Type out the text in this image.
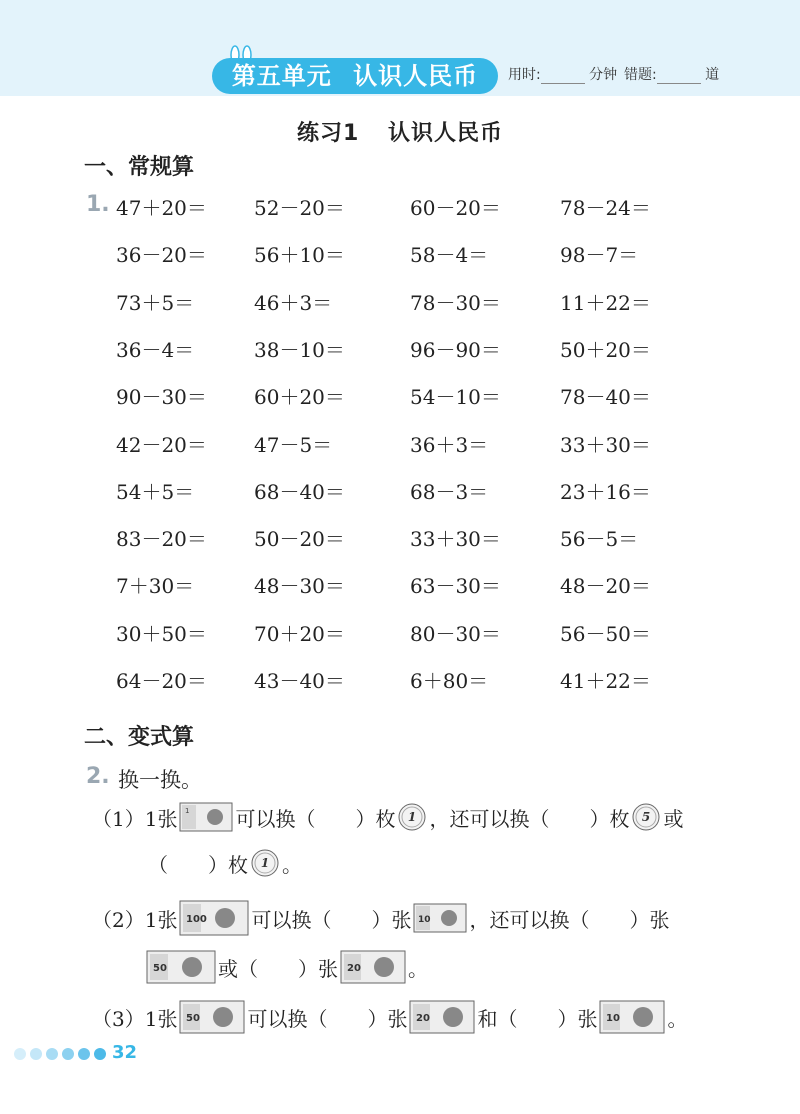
第五单元 认识人民币	用时:	分钟 错题:	道
练习1 认识人民币
一、常规算
1. 47＋20＝ 52－20＝	60－20＝	78－24＝
36－20＝ 56＋10＝	58－4＝	98－7＝
73＋5＝	46＋3＝	78－30＝	11＋22＝
36－4＝	38－10＝	96－90＝	50＋20＝
90－30＝ 60＋20＝	54－10＝	78－40＝
42－20＝ 47－5＝	36＋3＝	33＋30＝
54＋5＝	68－40＝	68－3＝	23＋16＝
83－20＝ 50－20＝	33＋30＝	56－5＝
7＋30＝	48－30＝	63－30＝	48－20＝
30＋50＝ 70＋20＝	80－30＝	56－50＝
64－20＝ 43－40＝	6＋80＝	41＋22＝
二、变式算
2. 换一换。
（1）1张 1 可以换（　　）枚 1 ，还可以换（　　）枚 5 或
（　　）枚 1 。
（2）1张 100 可以换（　　）张 10 ，还可以换（　　）张
50	或（　　）张 20 。
（3）1张 50 可以换（　　）张 20 和（　　）张 10 。
32
